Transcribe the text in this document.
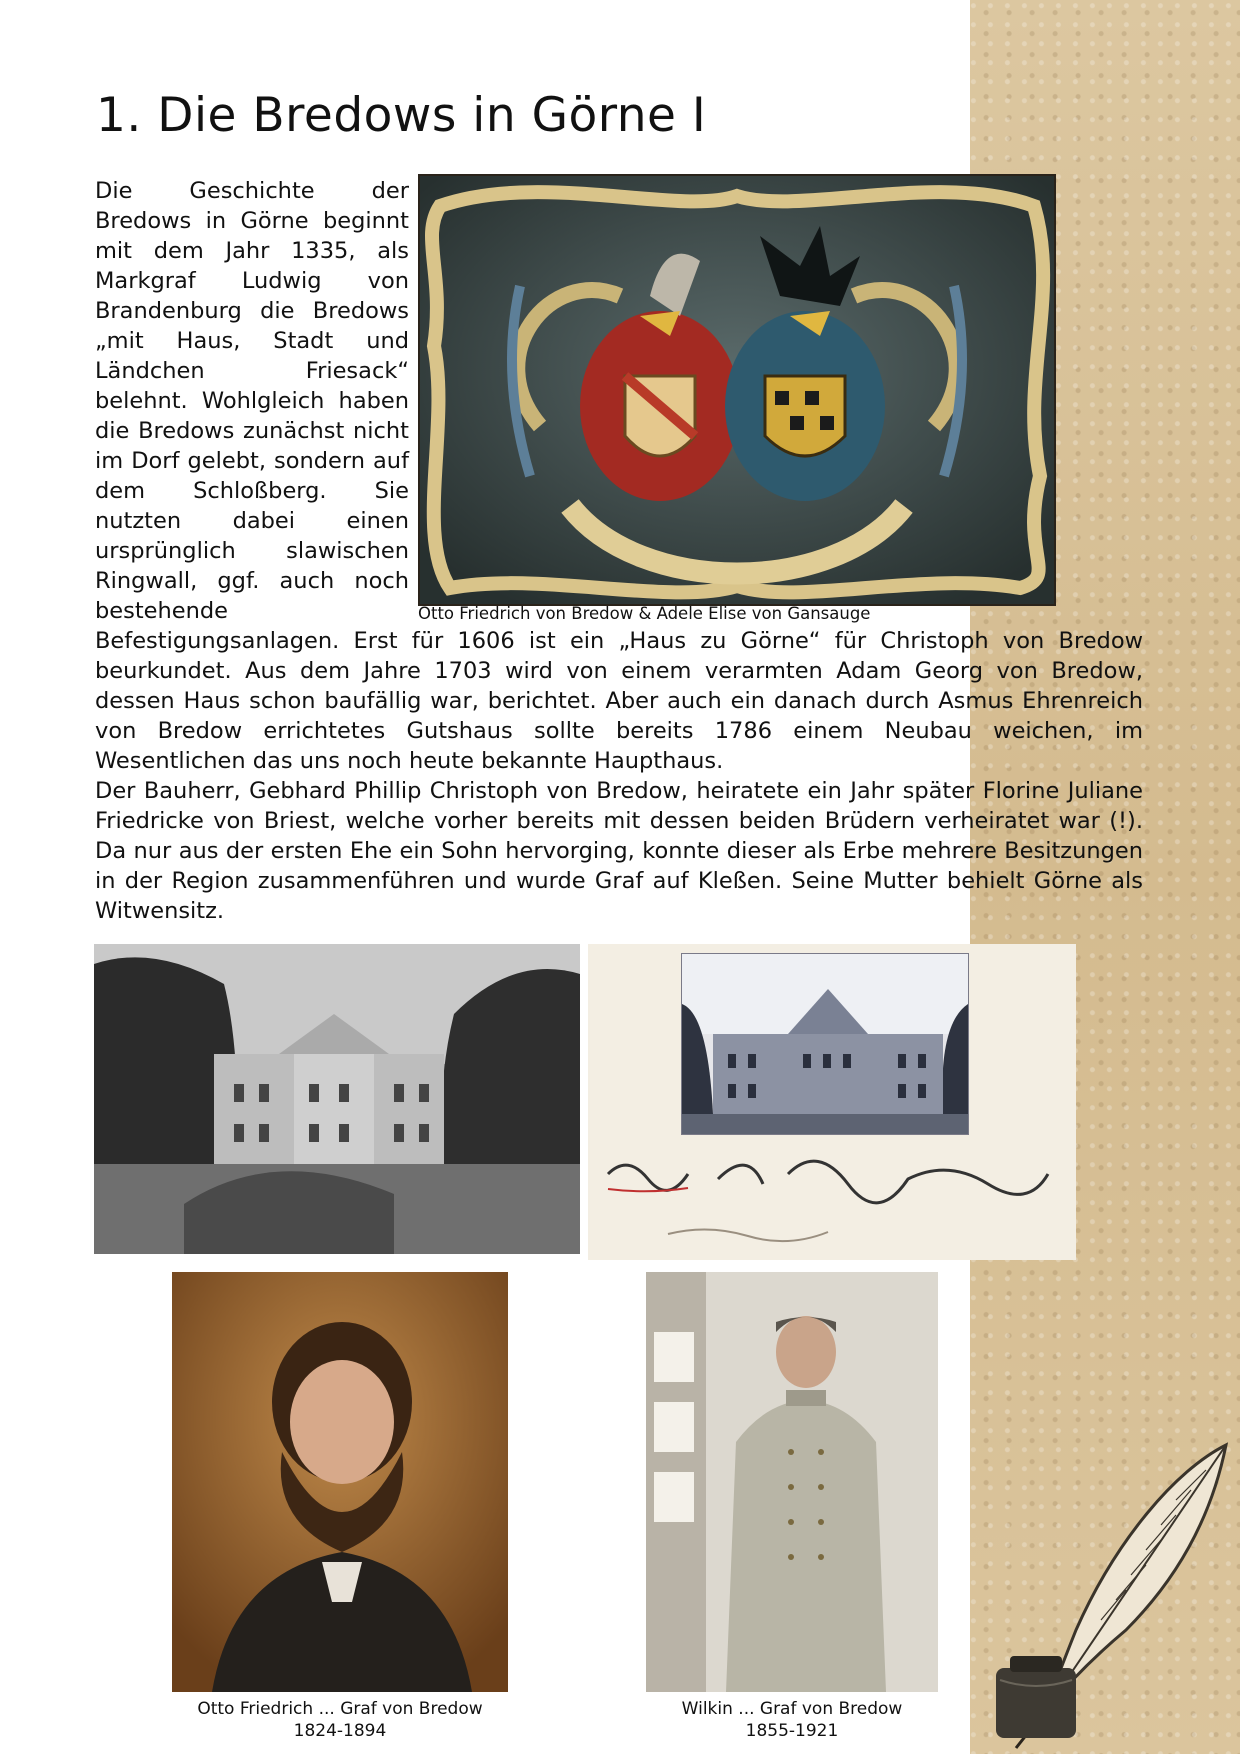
1. Die Bredows in Görne I

Die Geschichte der Bredows in Görne beginnt mit dem Jahr 1335, als Markgraf Ludwig von Brandenburg die Bredows „mit Haus, Stadt und Ländchen Friesack“ belehnt. Wohlgleich haben die Bredows zunächst nicht im Dorf gelebt, sondern auf dem Schloßberg. Sie nutzten dabei einen ursprünglich slawischen Ringwall, ggf. auch noch bestehende	Otto Friedrich von Bredow & Adele Elise von Gansauge

Befestigungsanlagen. Erst für 1606 ist ein „Haus zu Görne“ für Christoph von Bredow beurkundet. Aus dem Jahre 1703 wird von einem verarmten Adam Georg von Bredow, dessen Haus schon baufällig war, berichtet. Aber auch ein danach durch Asmus Ehrenreich von Bredow errichtetes Gutshaus sollte bereits 1786 einem Neubau weichen, im Wesentlichen das uns noch heute bekannte Haupthaus.

Der Bauherr, Gebhard Phillip Christoph von Bredow, heiratete ein Jahr später Florine Juliane Friedricke von Briest, welche vorher bereits mit dessen beiden Brüdern verheiratet war (!). Da nur aus der ersten Ehe ein Sohn hervorging, konnte dieser als Erbe mehrere Besitzungen in der Region zusammenführen und wurde Graf auf Kleßen. Seine Mutter behielt Görne als Witwensitz.

Otto Friedrich ... Graf von Bredow
1824-1894
Wilkin ... Graf von Bredow
1855-1921
